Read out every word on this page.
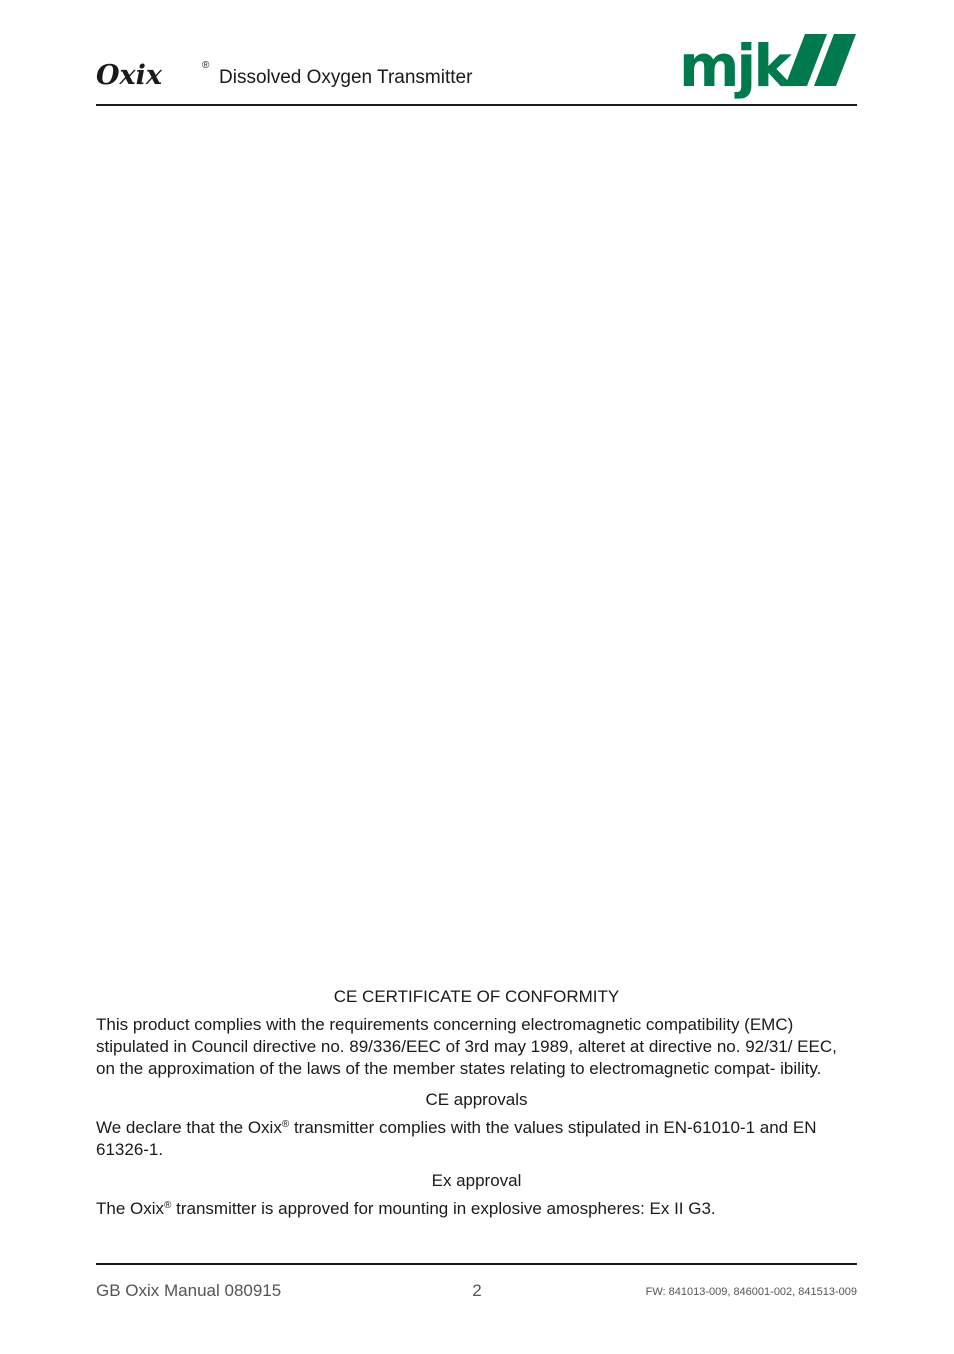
Oxix	®
Dissolved Oxygen Transmitter	mjk
CE CERTIFICATE OF CONFORMITY

This product complies with the requirements concerning electromagnetic compatibility (EMC) stipulated in Council directive no. 89/336/EEC of 3rd may 1989, alteret at directive no. 92/31/ EEC, on the approximation of the laws of the member states relating to electromagnetic compat- ibility.

CE approvals

We declare that the Oxix® transmitter complies with the values stipulated in EN-61010-1 and EN 61326-1.

Ex approval

The Oxix® transmitter is approved for mounting in explosive amospheres: Ex II G3.

GB Oxix Manual 080915	2	FW: 841013-009, 846001-002, 841513-009
